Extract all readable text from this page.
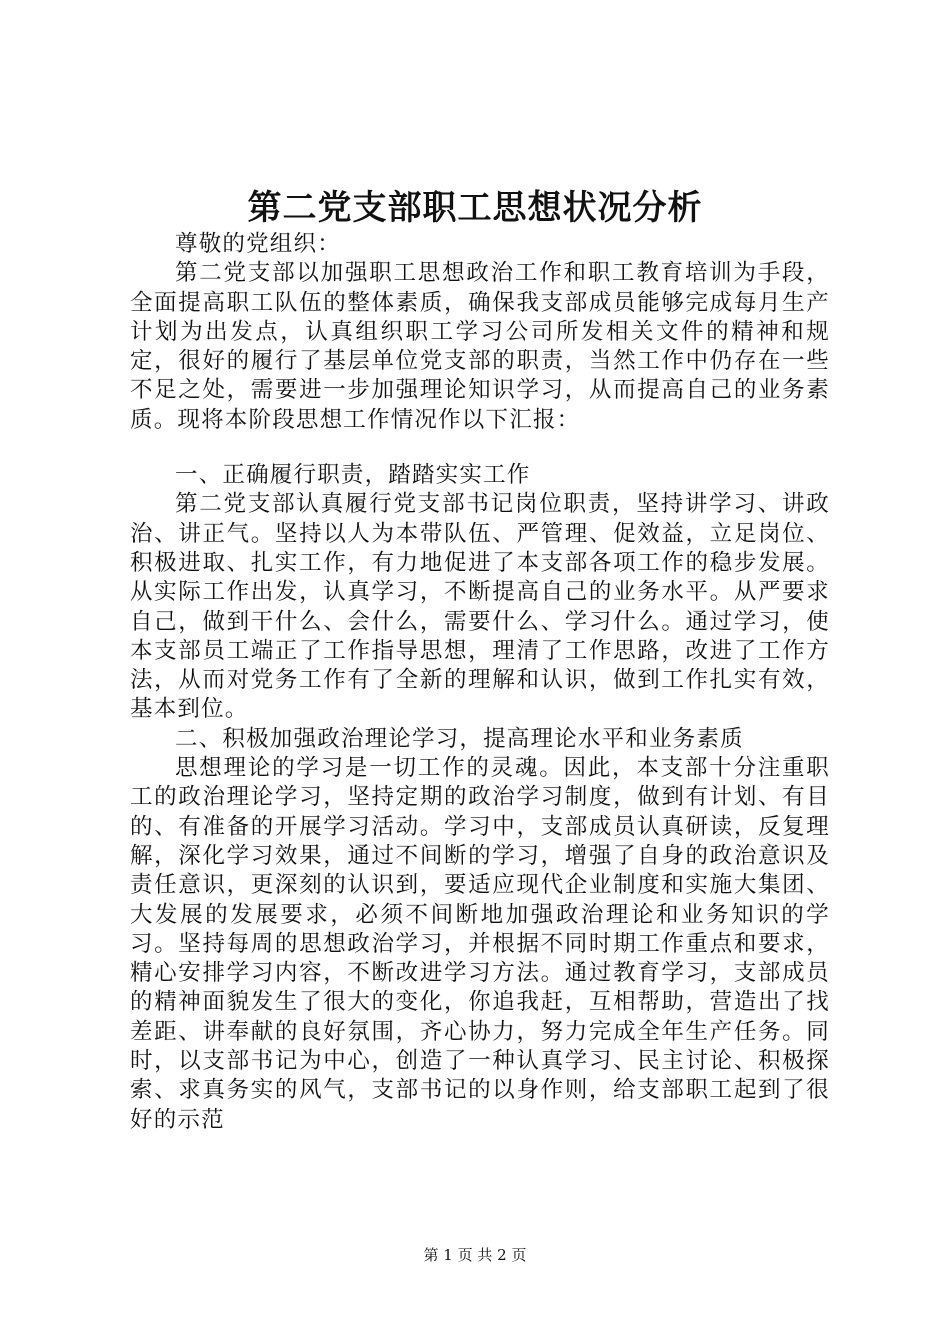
第二党支部职工思想状况分析

尊敬的党组织：

第二党支部以加强职工思想政治工作和职工教育培训为手段，全面提高职工队伍的整体素质，确保我支部成员能够完成每月生产计划为出发点，认真组织职工学习公司所发相关文件的精神和规定，很好的履行了基层单位党支部的职责，当然工作中仍存在一些不足之处，需要进一步加强理论知识学习，从而提高自己的业务素质。现将本阶段思想工作情况作以下汇报：

一、正确履行职责，踏踏实实工作

第二党支部认真履行党支部书记岗位职责，坚持讲学习、讲政治、讲正气。坚持以人为本带队伍、严管理、促效益，立足岗位、积极进取、扎实工作，有力地促进了本支部各项工作的稳步发展。从实际工作出发，认真学习，不断提高自己的业务水平。从严要求自己，做到干什么、会什么，需要什么、学习什么。通过学习，使本支部员工端正了工作指导思想，理清了工作思路，改进了工作方法，从而对党务工作有了全新的理解和认识，做到工作扎实有效，基本到位。

二、积极加强政治理论学习，提高理论水平和业务素质

思想理论的学习是一切工作的灵魂。因此，本支部十分注重职工的政治理论学习，坚持定期的政治学习制度，做到有计划、有目的、有准备的开展学习活动。学习中，支部成员认真研读，反复理解，深化学习效果，通过不间断的学习，增强了自身的政治意识及责任意识，更深刻的认识到，要适应现代企业制度和实施大集团、大发展的发展要求，必须不间断地加强政治理论和业务知识的学习。坚持每周的思想政治学习，并根据不同时期工作重点和要求，精心安排学习内容，不断改进学习方法。通过教育学习，支部成员的精神面貌发生了很大的变化，你追我赶，互相帮助，营造出了找差距、讲奉献的良好氛围，齐心协力，努力完成全年生产任务。同时，以支部书记为中心，创造了一种认真学习、民主讨论、积极探索、求真务实的风气，支部书记的以身作则，给支部职工起到了很好的示范

第 1 页 共 2 页
